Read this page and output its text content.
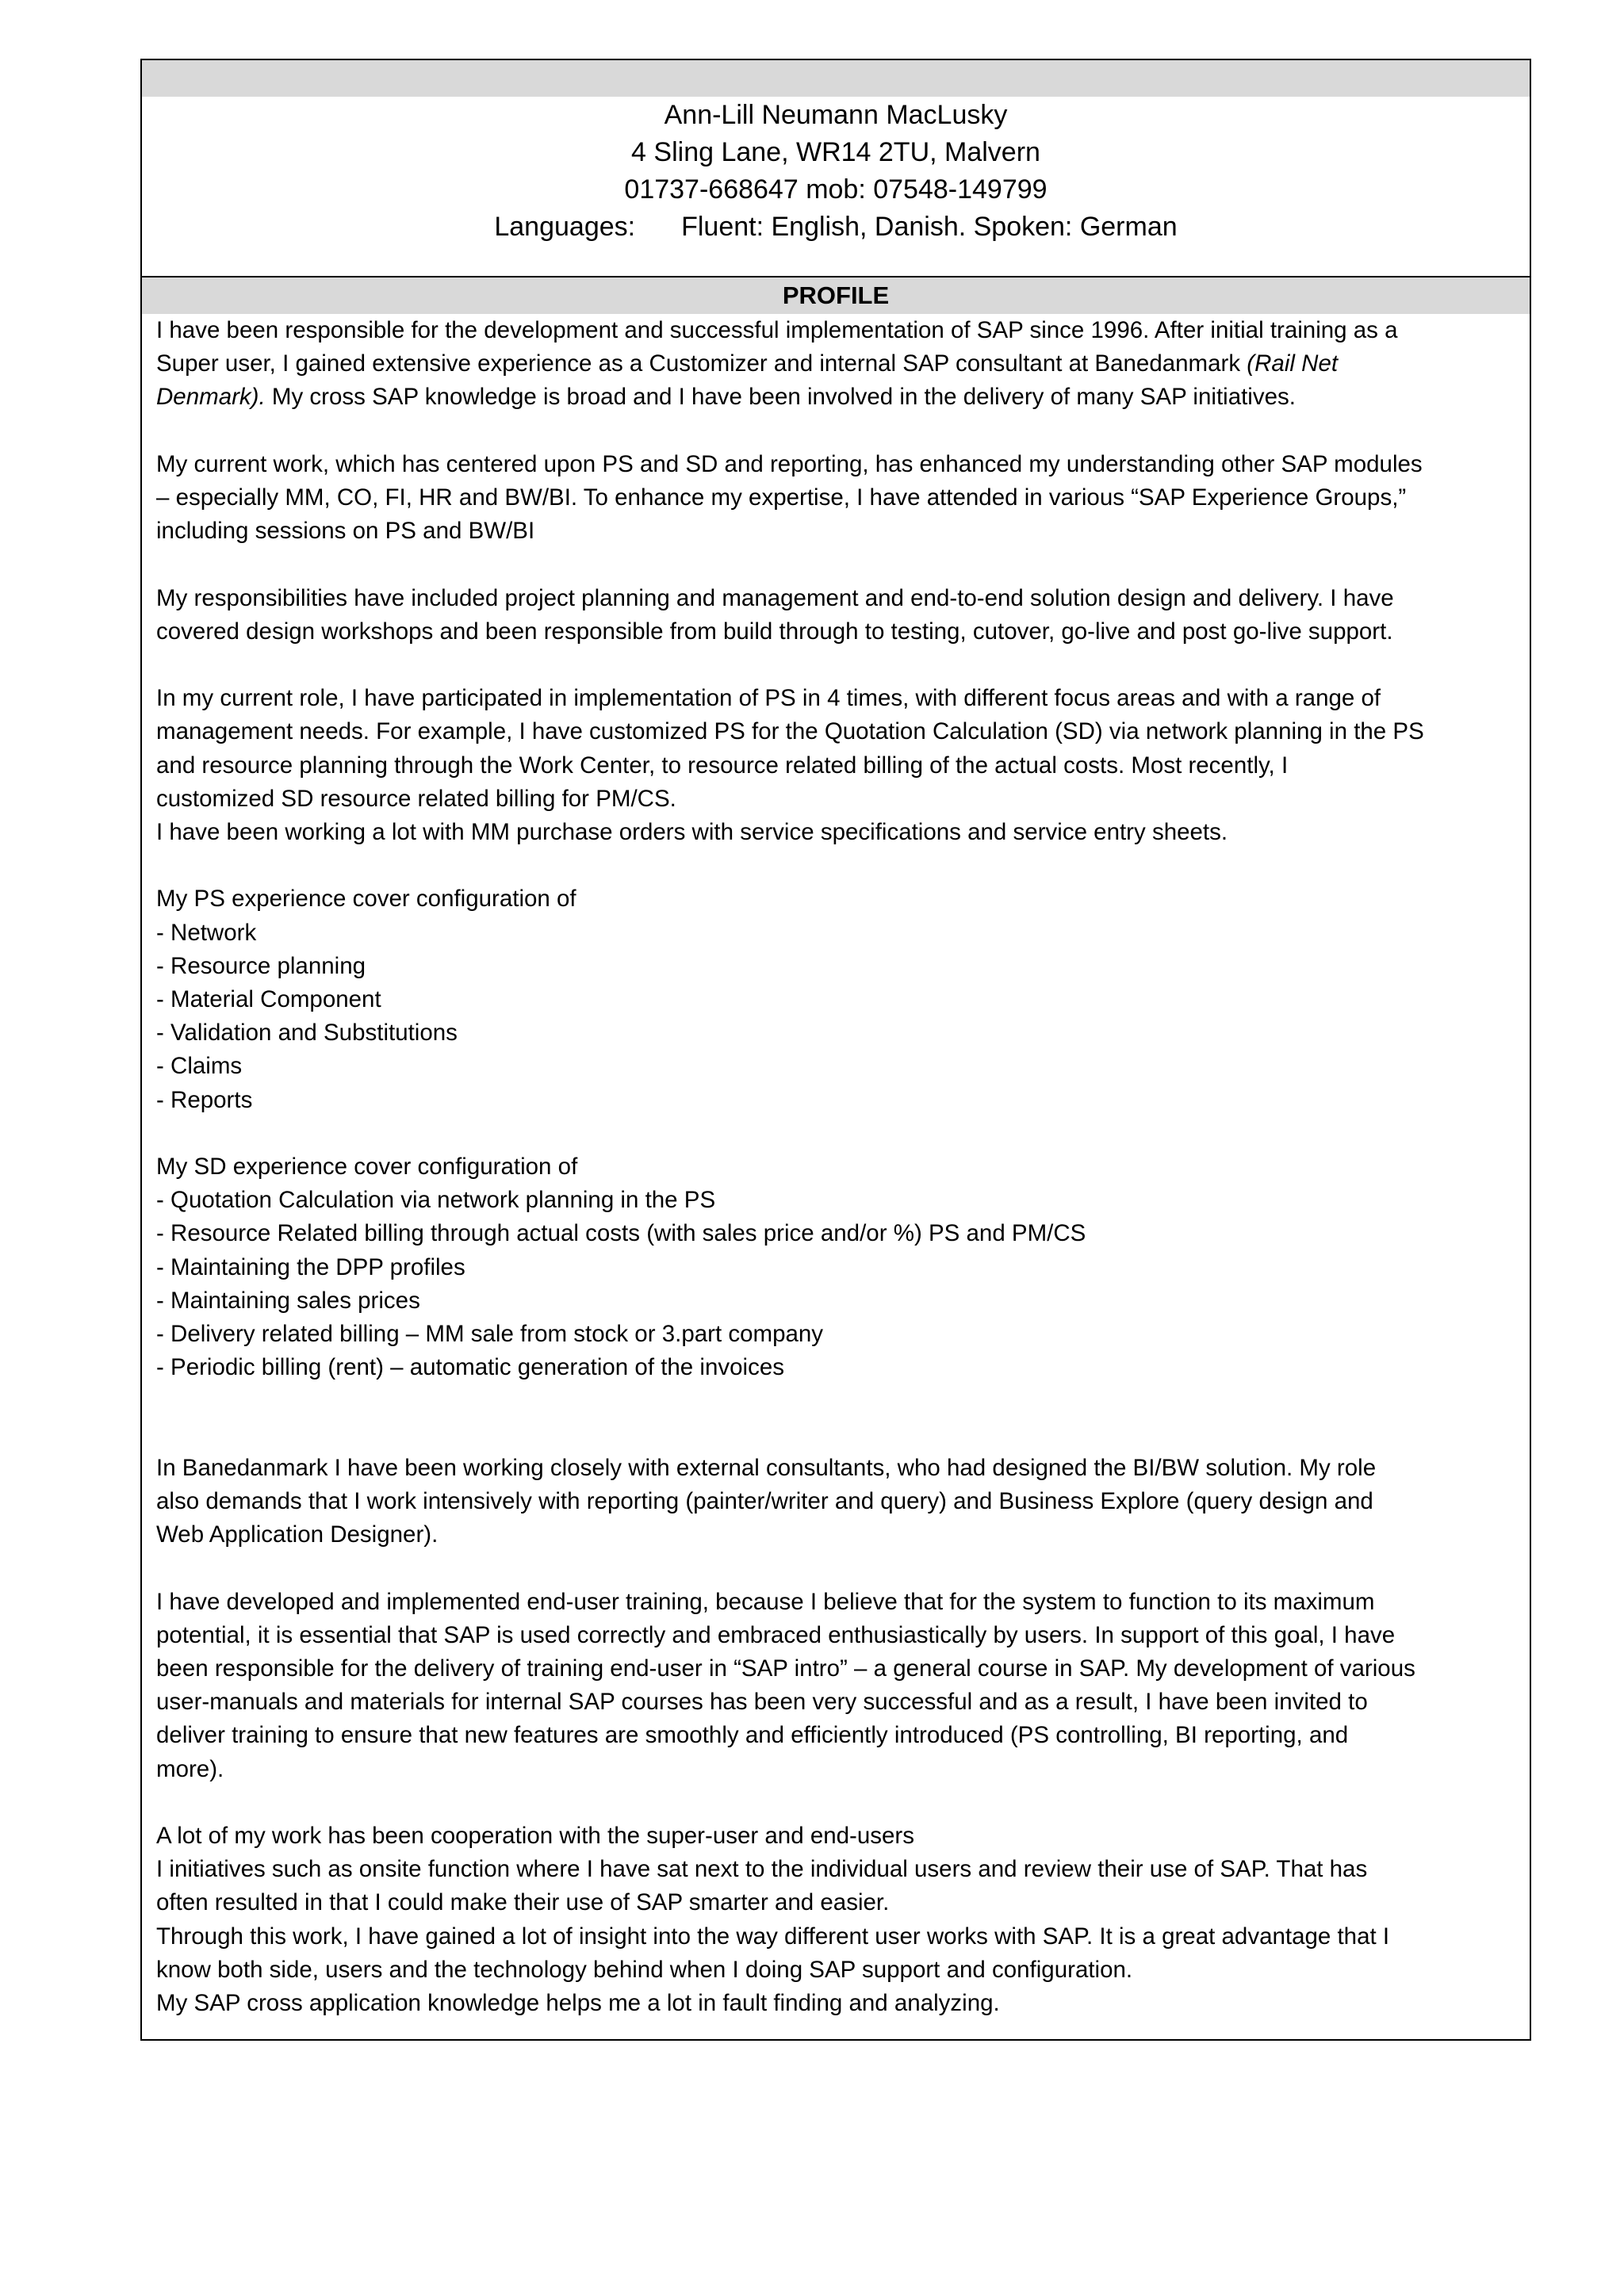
Ann-Lill Neumann MacLusky
4 Sling Lane, WR14 2TU, Malvern
01737-668647 mob: 07548-149799
Languages: Fluent: English, Danish. Spoken: German
PROFILE
I have been responsible for the development and successful implementation of SAP since 1996. After initial training as a
Super user, I gained extensive experience as a Customizer and internal SAP consultant at Banedanmark (Rail Net
Denmark). My cross SAP knowledge is broad and I have been involved in the delivery of many SAP initiatives.
My current work, which has centered upon PS and SD and reporting, has enhanced my understanding other SAP modules
– especially MM, CO, FI, HR and BW/BI. To enhance my expertise, I have attended in various “SAP Experience Groups,”
including sessions on PS and BW/BI
My responsibilities have included project planning and management and end-to-end solution design and delivery. I have
covered design workshops and been responsible from build through to testing, cutover, go-live and post go-live support.
In my current role, I have participated in implementation of PS in 4 times, with different focus areas and with a range of
management needs. For example, I have customized PS for the Quotation Calculation (SD) via network planning in the PS
and resource planning through the Work Center, to resource related billing of the actual costs. Most recently, I
customized SD resource related billing for PM/CS.
I have been working a lot with MM purchase orders with service specifications and service entry sheets.
My PS experience cover configuration of
- Network
- Resource planning
- Material Component
- Validation and Substitutions
- Claims
- Reports
My SD experience cover configuration of
- Quotation Calculation via network planning in the PS
- Resource Related billing through actual costs (with sales price and/or %) PS and PM/CS
- Maintaining the DPP profiles
- Maintaining sales prices
- Delivery related billing – MM sale from stock or 3.part company
- Periodic billing (rent) – automatic generation of the invoices
In Banedanmark I have been working closely with external consultants, who had designed the BI/BW solution. My role
also demands that I work intensively with reporting (painter/writer and query) and Business Explore (query design and
Web Application Designer).
I have developed and implemented end-user training, because I believe that for the system to function to its maximum
potential, it is essential that SAP is used correctly and embraced enthusiastically by users. In support of this goal, I have
been responsible for the delivery of training end-user in “SAP intro” – a general course in SAP. My development of various
user-manuals and materials for internal SAP courses has been very successful and as a result, I have been invited to
deliver training to ensure that new features are smoothly and efficiently introduced (PS controlling, BI reporting, and
more).
A lot of my work has been cooperation with the super-user and end-users
I initiatives such as onsite function where I have sat next to the individual users and review their use of SAP. That has
often resulted in that I could make their use of SAP smarter and easier.
Through this work, I have gained a lot of insight into the way different user works with SAP. It is a great advantage that I
know both side, users and the technology behind when I doing SAP support and configuration.
My SAP cross application knowledge helps me a lot in fault finding and analyzing.
